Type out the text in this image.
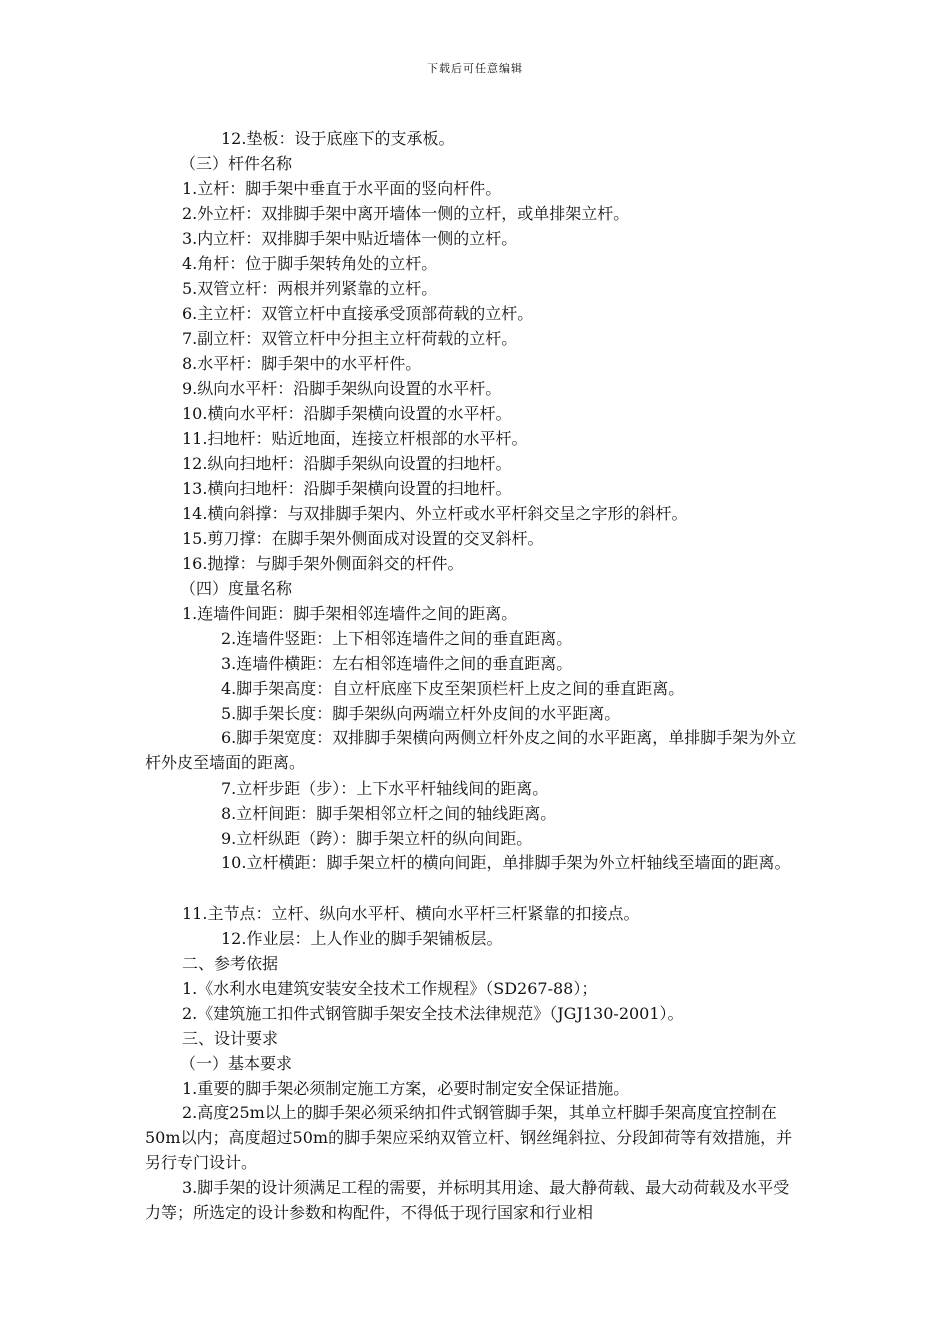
下载后可任意编辑
12.垫板：设于底座下的支承板。
（三）杆件名称
1.立杆：脚手架中垂直于水平面的竖向杆件。
2.外立杆：双排脚手架中离开墙体一侧的立杆，或单排架立杆。
3.内立杆：双排脚手架中贴近墙体一侧的立杆。
4.角杆：位于脚手架转角处的立杆。
5.双管立杆：两根并列紧靠的立杆。
6.主立杆：双管立杆中直接承受顶部荷载的立杆。
7.副立杆：双管立杆中分担主立杆荷载的立杆。
8.水平杆：脚手架中的水平杆件。
9.纵向水平杆：沿脚手架纵向设置的水平杆。
10.横向水平杆：沿脚手架横向设置的水平杆。
11.扫地杆：贴近地面，连接立杆根部的水平杆。
12.纵向扫地杆：沿脚手架纵向设置的扫地杆。
13.横向扫地杆：沿脚手架横向设置的扫地杆。
14.横向斜撑：与双排脚手架内、外立杆或水平杆斜交呈之字形的斜杆。
15.剪刀撑：在脚手架外侧面成对设置的交叉斜杆。
16.抛撑：与脚手架外侧面斜交的杆件。
（四）度量名称
1.连墙件间距：脚手架相邻连墙件之间的距离。
2.连墙件竖距：上下相邻连墙件之间的垂直距离。
3.连墙件横距：左右相邻连墙件之间的垂直距离。
4.脚手架高度：自立杆底座下皮至架顶栏杆上皮之间的垂直距离。
5.脚手架长度：脚手架纵向两端立杆外皮间的水平距离。
6.脚手架宽度：双排脚手架横向两侧立杆外皮之间的水平距离，单排脚手架为外立杆外皮至墙面的距离。
7.立杆步距（步）：上下水平杆轴线间的距离。
8.立杆间距：脚手架相邻立杆之间的轴线距离。
9.立杆纵距（跨）：脚手架立杆的纵向间距。
10.立杆横距：脚手架立杆的横向间距，单排脚手架为外立杆轴线至墙面的距离。
11.主节点：立杆、纵向水平杆、横向水平杆三杆紧靠的扣接点。
12.作业层：上人作业的脚手架铺板层。
二、参考依据
1.《水利水电建筑安装安全技术工作规程》（SD267-88）；
2.《建筑施工扣件式钢管脚手架安全技术法律规范》（JGJ130-2001）。
三、设计要求
（一）基本要求
1.重要的脚手架必须制定施工方案，必要时制定安全保证措施。
2.高度25m以上的脚手架必须采纳扣件式钢管脚手架，其单立杆脚手架高度宜控制在50m以内；高度超过50m的脚手架应采纳双管立杆、钢丝绳斜拉、分段卸荷等有效措施，并另行专门设计。
3.脚手架的设计须满足工程的需要，并标明其用途、最大静荷载、最大动荷载及水平受力等；所选定的设计参数和构配件，不得低于现行国家和行业相
